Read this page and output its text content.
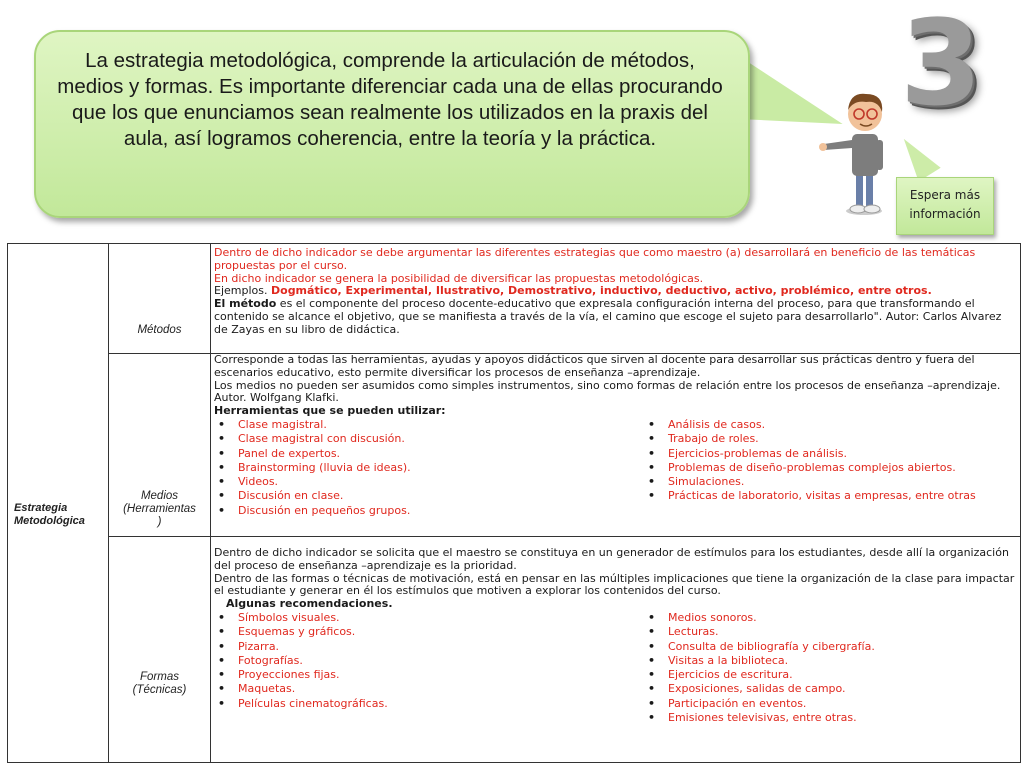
La estrategia metodológica, comprende la articulación de métodos, medios y formas. Es importante diferenciar cada una de ellas procurando que los que enunciamos sean realmente los utilizados en la praxis del aula, así logramos coherencia, entre la teoría y la práctica.
3
Espera más
información
Estrategia
Metodológica
Métodos
Medios
(Herramientas
)
Formas
(Técnicas)
Dentro de dicho indicador se debe argumentar las diferentes estrategias que como maestro (a) desarrollará en beneficio de las temáticas propuestas por el curso.
En dicho indicador se genera la posibilidad de diversificar las propuestas metodológicas.
Ejemplos. Dogmático, Experimental, Ilustrativo, Demostrativo, inductivo, deductivo, activo, problémico, entre otros.
El método es el componente del proceso docente-educativo que expresala configuración interna del proceso, para que transformando el contenido se alcance el objetivo, que se manifiesta a través de la vía, el camino que escoge el sujeto para desarrollarlo". Autor: Carlos Alvarez de Zayas en su libro de didáctica.
Corresponde a todas las herramientas, ayudas y apoyos didácticos que sirven al docente para desarrollar sus prácticas dentro y fuera del escenarios educativo, esto permite diversificar los procesos de enseñanza –aprendizaje.
Los medios no pueden ser asumidos como simples instrumentos, sino como formas de relación entre los procesos de enseñanza –aprendizaje. Autor. Wolfgang Klafki.
Herramientas que se pueden utilizar:
• Clase magistral.
• Clase magistral con discusión.
• Panel de expertos.
• Brainstorming (lluvia de ideas).
• Videos.
• Discusión en clase.
• Discusión en pequeños grupos.
• Análisis de casos.
• Trabajo de roles.
• Ejercicios-problemas de análisis.
• Problemas de diseño-problemas complejos abiertos.
• Simulaciones.
• Prácticas de laboratorio, visitas a empresas, entre otras
Dentro de dicho indicador se solicita que el maestro se constituya en un generador de estímulos para los estudiantes, desde allí la organización del proceso de enseñanza –aprendizaje es la prioridad.
Dentro de las formas o técnicas de motivación, está en pensar en las múltiples implicaciones que tiene la organización de la clase para impactar el estudiante y generar en él los estímulos que motiven a explorar los contenidos del curso.
Algunas recomendaciones.
• Símbolos visuales.
• Esquemas y gráficos.
• Pizarra.
• Fotografías.
• Proyecciones fijas.
• Maquetas.
• Películas cinematográficas.
• Medios sonoros.
• Lecturas.
• Consulta de bibliografía y cibergrafía.
• Visitas a la biblioteca.
• Ejercicios de escritura.
• Exposiciones, salidas de campo.
• Participación en eventos.
• Emisiones televisivas, entre otras.
